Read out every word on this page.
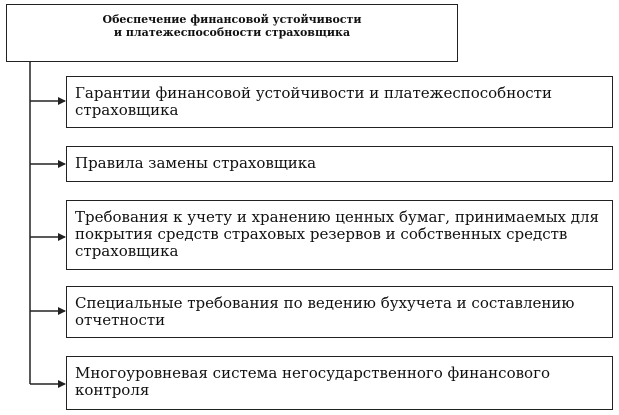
Обеспечение финансовой устойчивости
и платежеспособности страховщика
Гарантии финансовой устойчивости и платежеспособности
страховщика
Правила замены страховщика
Требования к учету и хранению ценных бумаг, принимаемых для
покрытия средств страховых резервов и собственных средств
страховщика
Специальные требования по ведению бухучета и составлению
отчетности
Многоуровневая система негосударственного финансового
контроля
